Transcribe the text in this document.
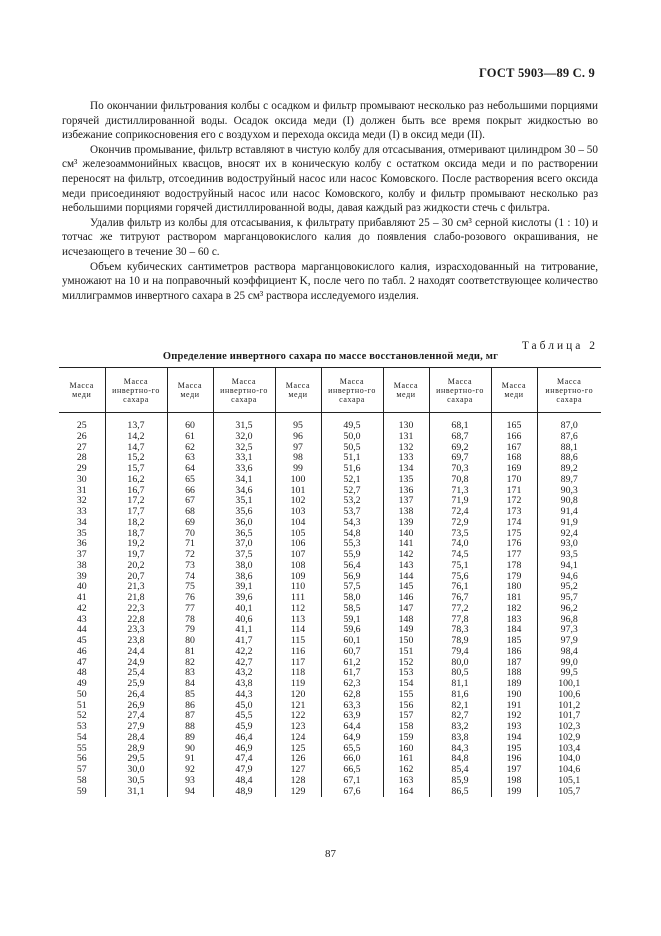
ГОСТ 5903—89 С. 9

По окончании фильтрования колбы с осадком и фильтр промывают несколько раз небольшими порциями горячей дистиллированной воды. Осадок оксида меди (I) должен быть все время покрыт жидкостью во избежание соприкосновения его с воздухом и перехода оксида меди (I) в оксид меди (II).

Окончив промывание, фильтр вставляют в чистую колбу для отсасывания, отмеривают цилиндром 30 – 50 см³ железоаммонийных квасцов, вносят их в коническую колбу с остатком оксида меди и по растворении переносят на фильтр, отсоединив водоструйный насос или насос Комовского. После растворения всего оксида меди присоединяют водоструйный насос или насос Комовского, колбу и фильтр промывают несколько раз небольшими порциями горячей дистиллированной воды, давая каждый раз жидкости стечь с фильтра.

Удалив фильтр из колбы для отсасывания, к фильтрату прибавляют 25 – 30 см³ серной кислоты (1 : 10) и тотчас же титруют раствором марганцовокислого калия до появления слабо-розового окрашивания, не исчезающего в течение 30 – 60 с.

Объем кубических сантиметров раствора марганцовокислого калия, израсходованный на титрование, умножают на 10 и на поправочный коэффициент K, после чего по табл. 2 находят соответствующее количество миллиграммов инвертного сахара в 25 см³ раствора исследуемого изделия.

Таблица 2
Определение инвертного сахара по массе восстановленной меди, мг
Масса меди	Масса инвертно-го сахара	Масса меди	Масса инвертно-го сахара	Масса меди	Масса инвертно-го сахара	Масса меди	Масса инвертно-го сахара	Масса меди	Масса инвертно-го сахара
25	13,7	60	31,5	95	49,5	130	68,1	165	87,0
26	14,2	61	32,0	96	50,0	131	68,7	166	87,6
27	14,7	62	32,5	97	50,5	132	69,2	167	88,1
28	15,2	63	33,1	98	51,1	133	69,7	168	88,6
29	15,7	64	33,6	99	51,6	134	70,3	169	89,2
30	16,2	65	34,1	100	52,1	135	70,8	170	89,7
31	16,7	66	34,6	101	52,7	136	71,3	171	90,3
32	17,2	67	35,1	102	53,2	137	71,9	172	90,8
33	17,7	68	35,6	103	53,7	138	72,4	173	91,4
34	18,2	69	36,0	104	54,3	139	72,9	174	91,9
35	18,7	70	36,5	105	54,8	140	73,5	175	92,4
36	19,2	71	37,0	106	55,3	141	74,0	176	93,0
37	19,7	72	37,5	107	55,9	142	74,5	177	93,5
38	20,2	73	38,0	108	56,4	143	75,1	178	94,1
39	20,7	74	38,6	109	56,9	144	75,6	179	94,6
40	21,3	75	39,1	110	57,5	145	76,1	180	95,2
41	21,8	76	39,6	111	58,0	146	76,7	181	95,7
42	22,3	77	40,1	112	58,5	147	77,2	182	96,2
43	22,8	78	40,6	113	59,1	148	77,8	183	96,8
44	23,3	79	41,1	114	59,6	149	78,3	184	97,3
45	23,8	80	41,7	115	60,1	150	78,9	185	97,9
46	24,4	81	42,2	116	60,7	151	79,4	186	98,4
47	24,9	82	42,7	117	61,2	152	80,0	187	99,0
48	25,4	83	43,2	118	61,7	153	80,5	188	99,5
49	25,9	84	43,8	119	62,3	154	81,1	189	100,1
50	26,4	85	44,3	120	62,8	155	81,6	190	100,6
51	26,9	86	45,0	121	63,3	156	82,1	191	101,2
52	27,4	87	45,5	122	63,9	157	82,7	192	101,7
53	27,9	88	45,9	123	64,4	158	83,2	193	102,3
54	28,4	89	46,4	124	64,9	159	83,8	194	102,9
55	28,9	90	46,9	125	65,5	160	84,3	195	103,4
56	29,5	91	47,4	126	66,0	161	84,8	196	104,0
57	30,0	92	47,9	127	66,5	162	85,4	197	104,6
58	30,5	93	48,4	128	67,1	163	85,9	198	105,1
59	31,1	94	48,9	129	67,6	164	86,5	199	105,7
87
